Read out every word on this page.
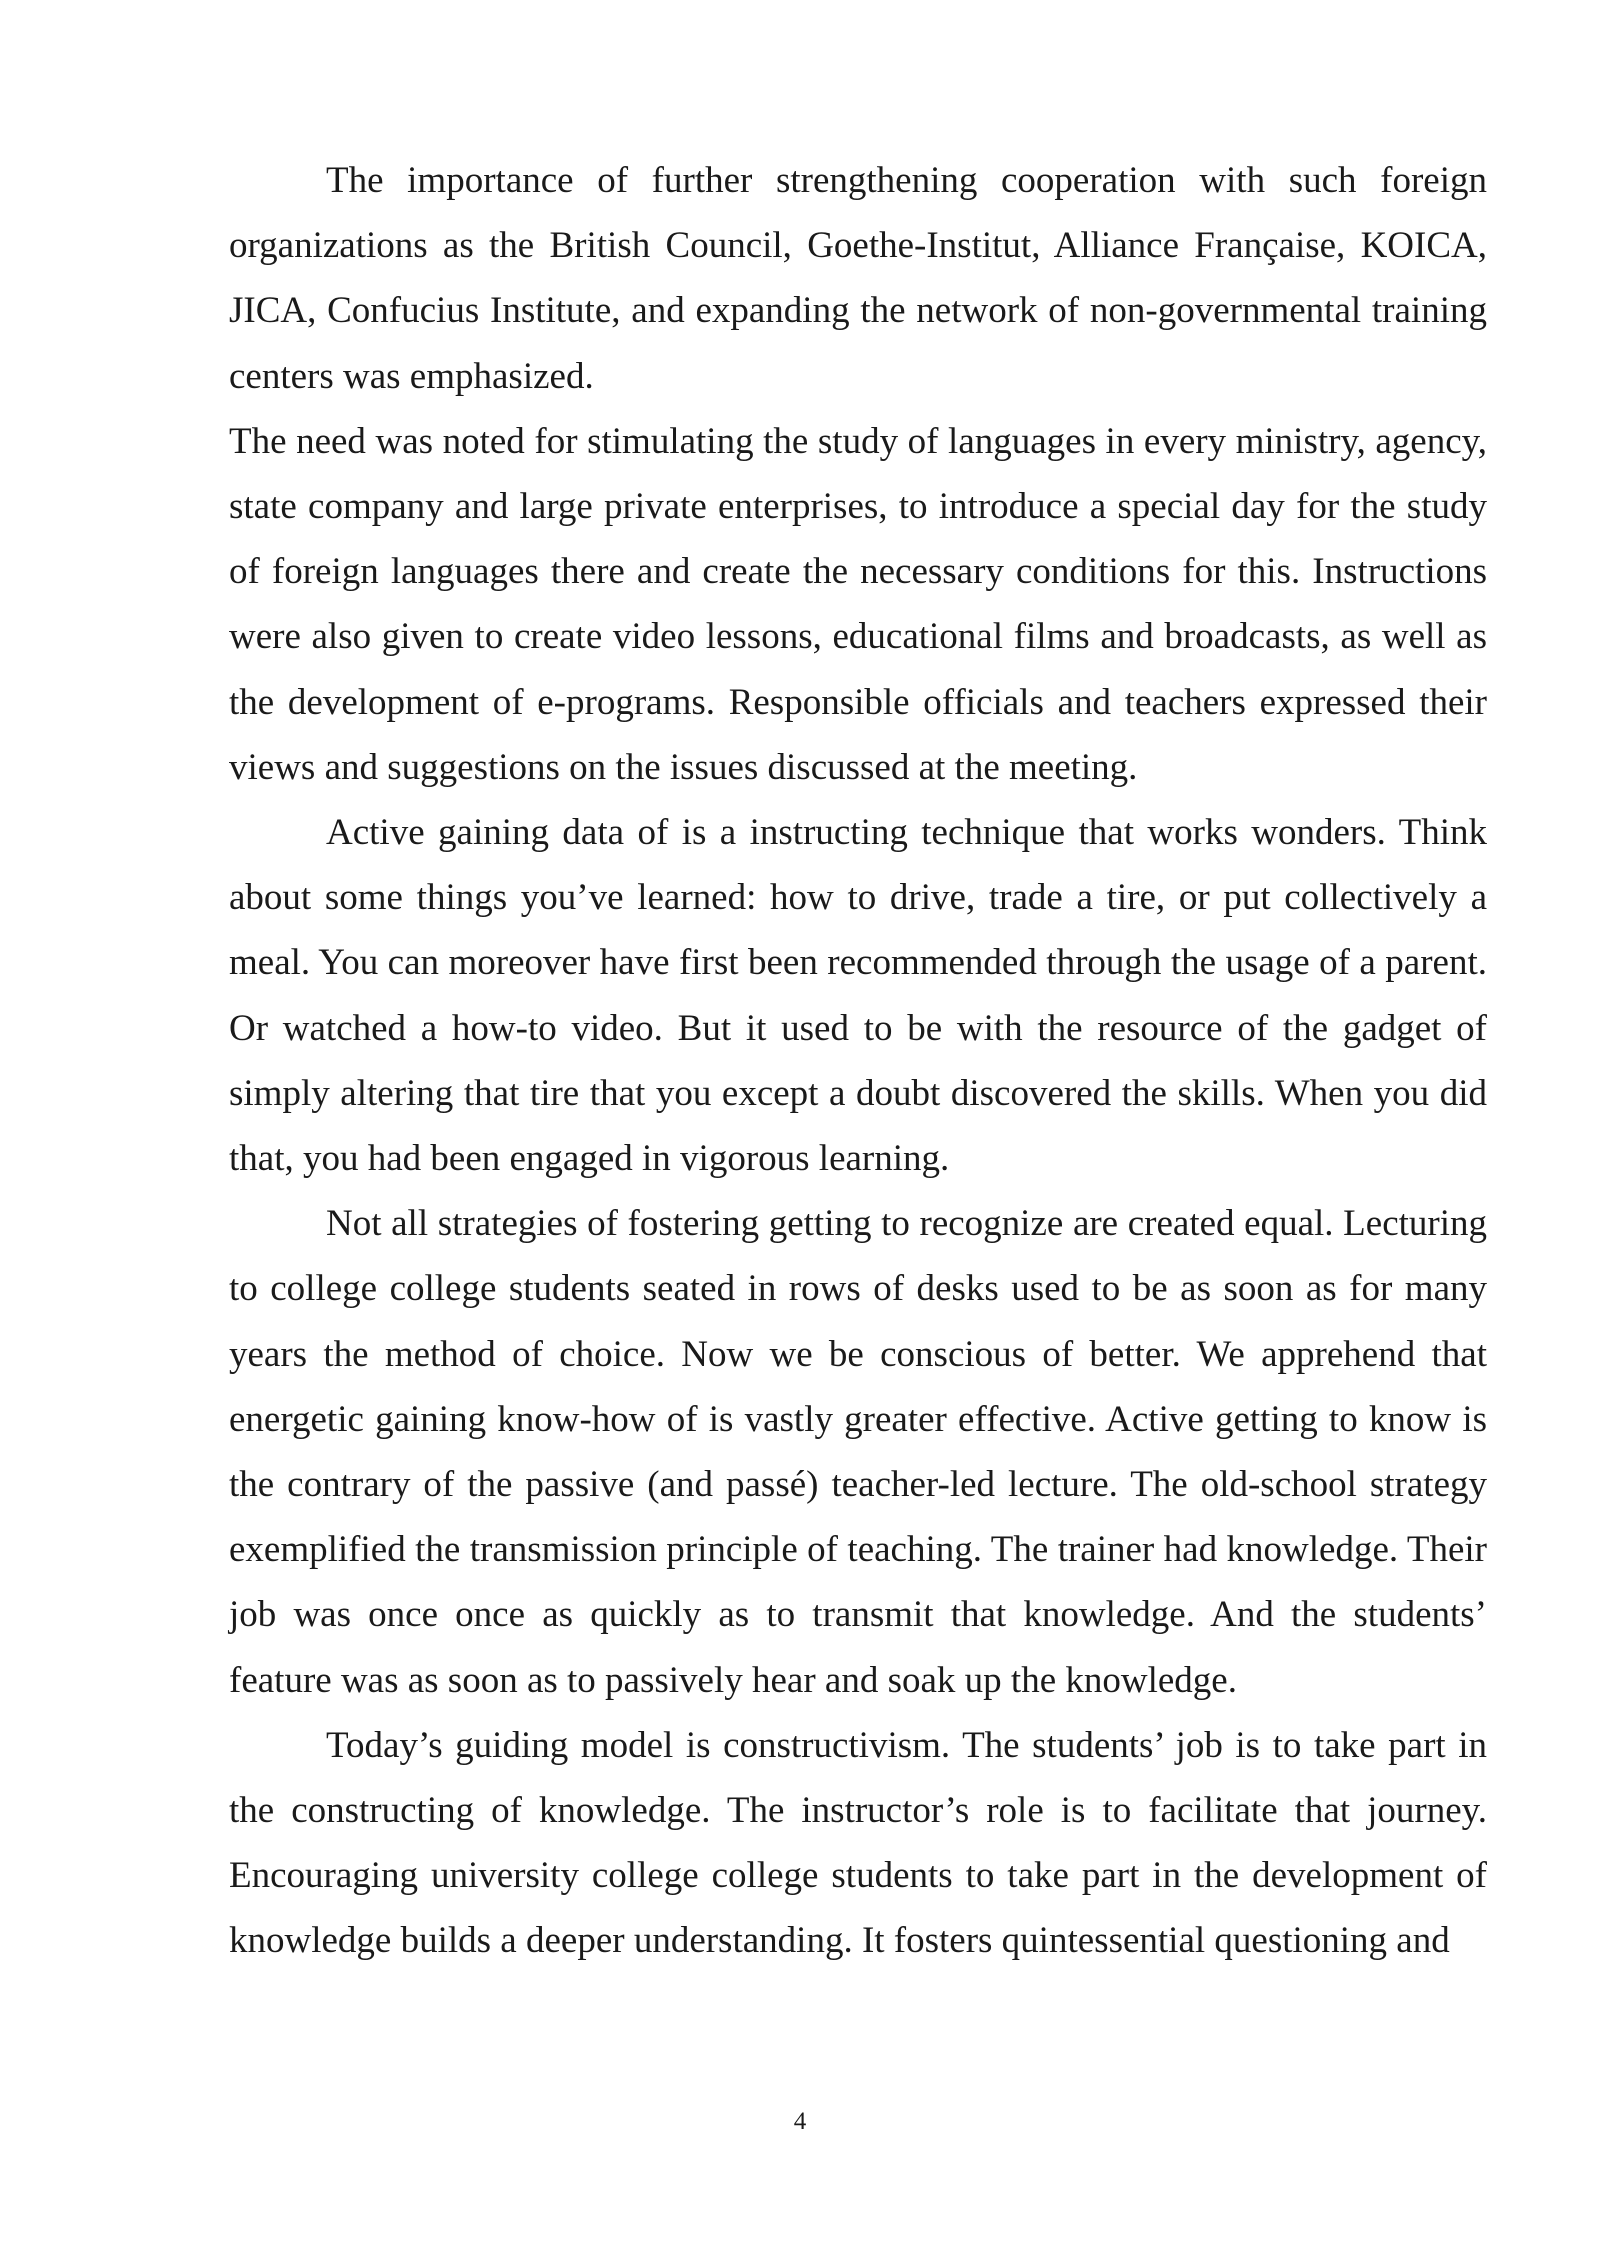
The importance of further strengthening cooperation with such foreign organizations as the British Council, Goethe-Institut, Alliance Française, KOICA, JICA, Confucius Institute, and expanding the network of non-governmental training centers was emphasized.

The need was noted for stimulating the study of languages in every ministry, agency, state company and large private enterprises, to introduce a special day for the study of foreign languages there and create the necessary conditions for this. Instructions were also given to create video lessons, educational films and broadcasts, as well as the development of e-programs. Responsible officials and teachers expressed their views and suggestions on the issues discussed at the meeting.

Active gaining data of is a instructing technique that works wonders. Think about some things you’ve learned: how to drive, trade a tire, or put collectively a meal. You can moreover have first been recommended through the usage of a parent. Or watched a how-to video. But it used to be with the resource of the gadget of simply altering that tire that you except a doubt discovered the skills. When you did that, you had been engaged in vigorous learning.

Not all strategies of fostering getting to recognize are created equal. Lecturing to college college students seated in rows of desks used to be as soon as for many years the method of choice. Now we be conscious of better. We apprehend that energetic gaining know-how of is vastly greater effective. Active getting to know is the contrary of the passive (and passé) teacher-led lecture. The old-school strategy exemplified the transmission principle of teaching. The trainer had knowledge. Their job was once once as quickly as to transmit that knowledge. And the students’ feature was as soon as to passively hear and soak up the knowledge.

Today’s guiding model is constructivism. The students’ job is to take part in the constructing of knowledge. The instructor’s role is to facilitate that journey. Encouraging university college college students to take part in the development of knowledge builds a deeper understanding. It fosters quintessential questioning and

4
